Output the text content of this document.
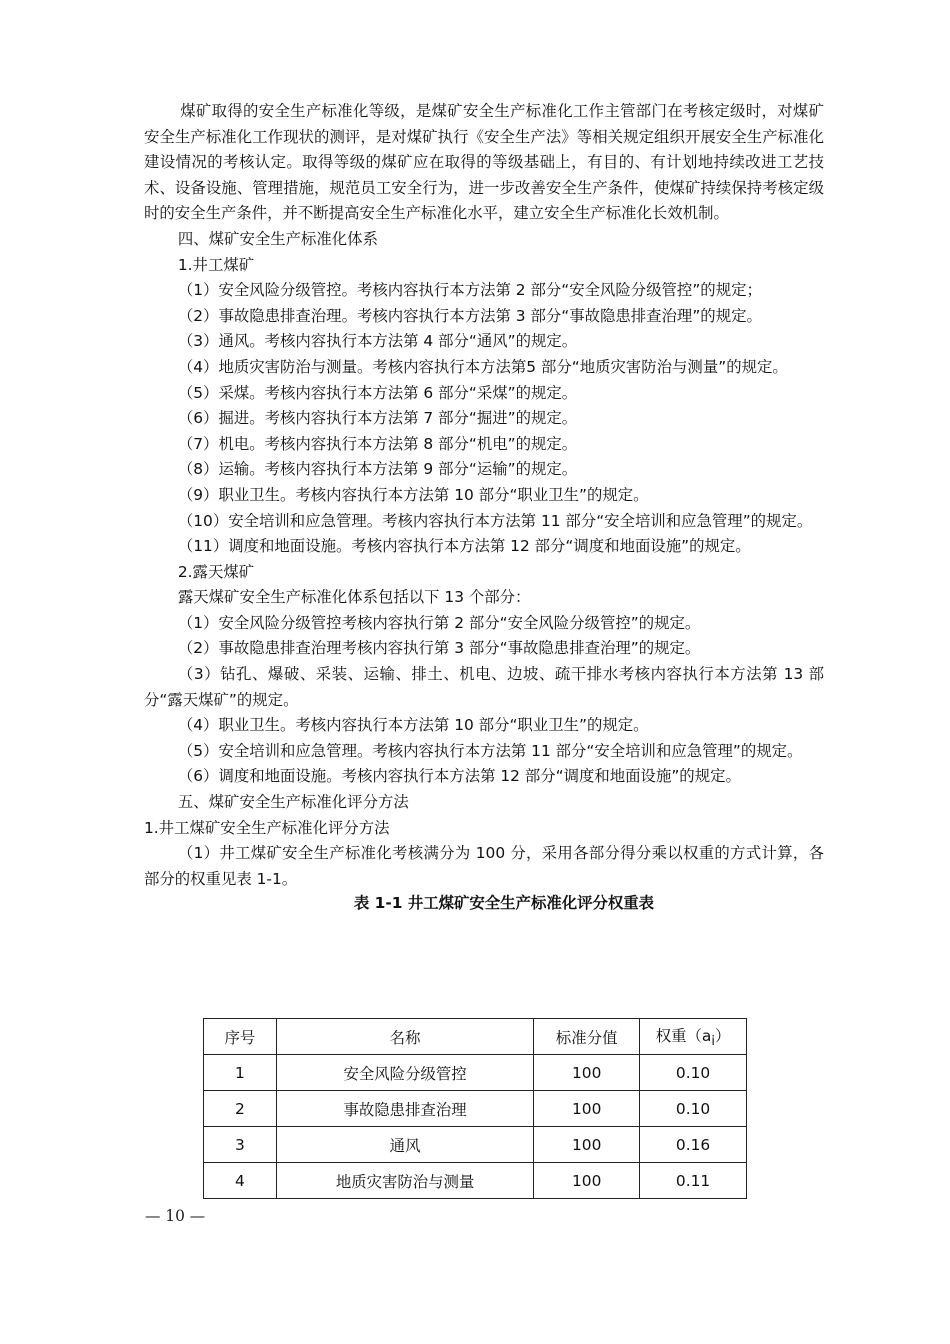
煤矿取得的安全生产标准化等级，是煤矿安全生产标准化工作主管部门在考核定级时，对煤矿安全生产标准化工作现状的测评，是对煤矿执行《安全生产法》等相关规定组织开展安全生产标准化建设情况的考核认定。取得等级的煤矿应在取得的等级基础上，有目的、有计划地持续改进工艺技术、设备设施、管理措施，规范员工安全行为，进一步改善安全生产条件，使煤矿持续保持考核定级时的安全生产条件，并不断提高安全生产标准化水平，建立安全生产标准化长效机制。

四、煤矿安全生产标准化体系

1.井工煤矿

（1）安全风险分级管控。考核内容执行本方法第 2 部分“安全风险分级管控”的规定；

（2）事故隐患排查治理。考核内容执行本方法第 3 部分“事故隐患排查治理”的规定。

（3）通风。考核内容执行本方法第 4 部分“通风”的规定。

（4）地质灾害防治与测量。考核内容执行本方法第5 部分“地质灾害防治与测量”的规定。

（5）采煤。考核内容执行本方法第 6 部分“采煤”的规定。

（6）掘进。考核内容执行本方法第 7 部分“掘进”的规定。

（7）机电。考核内容执行本方法第 8 部分“机电”的规定。

（8）运输。考核内容执行本方法第 9 部分“运输”的规定。

（9）职业卫生。考核内容执行本方法第 10 部分“职业卫生”的规定。

（10）安全培训和应急管理。考核内容执行本方法第 11 部分“安全培训和应急管理”的规定。

（11）调度和地面设施。考核内容执行本方法第 12 部分“调度和地面设施”的规定。

2.露天煤矿

露天煤矿安全生产标准化体系包括以下 13 个部分：

（1）安全风险分级管控考核内容执行第 2 部分“安全风险分级管控”的规定。

（2）事故隐患排查治理考核内容执行第 3 部分“事故隐患排查治理”的规定。

（3）钻孔、爆破、采装、运输、排土、机电、边坡、疏干排水考核内容执行本方法第 13 部分“露天煤矿”的规定。

（4）职业卫生。考核内容执行本方法第 10 部分“职业卫生”的规定。

（5）安全培训和应急管理。考核内容执行本方法第 11 部分“安全培训和应急管理”的规定。

（6）调度和地面设施。考核内容执行本方法第 12 部分“调度和地面设施”的规定。

五、煤矿安全生产标准化评分方法

1.井工煤矿安全生产标准化评分方法

（1）井工煤矿安全生产标准化考核满分为 100 分，采用各部分得分乘以权重的方式计算，各部分的权重见表 1-1。

表 1-1 井工煤矿安全生产标准化评分权重表

序号	名称	标准分值	权重$(a_i)$
1	安全风险分级管控	100	0.10
2	事故隐患排查治理	100	0.10
3	通风	100	0.16
4	地质灾害防治与测量	100	0.11
— 10 —
